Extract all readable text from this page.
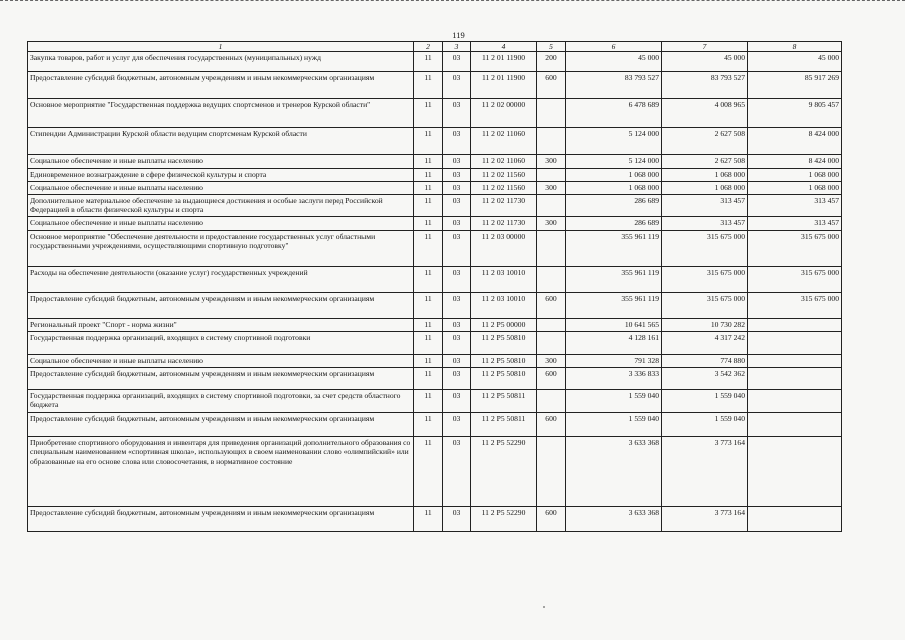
119
1	2	3	4	5	6	7	8
Закупка товаров, работ и услуг для обеспечения государственных (муниципальных) нужд	11	03	11 2 01 11900	200	45 000	45 000	45 000
Предоставление субсидий бюджетным, автономным учреждениям и иным некоммерческим организациям	11	03	11 2 01 11900	600	83 793 527	83 793 527	85 917 269
Основное мероприятие "Государственная поддержка ведущих спортсменов и тренеров Курской области"	11	03	11 2 02 00000		6 478 689	4 008 965	9 805 457
Стипендии Администрации Курской области ведущим спортсменам Курской области	11	03	11 2 02 11060		5 124 000	2 627 508	8 424 000
Социальное обеспечение и иные выплаты населению	11	03	11 2 02 11060	300	5 124 000	2 627 508	8 424 000
Единовременное вознаграждение в сфере физической культуры и спорта	11	03	11 2 02 11560		1 068 000	1 068 000	1 068 000
Социальное обеспечение и иные выплаты населению	11	03	11 2 02 11560	300	1 068 000	1 068 000	1 068 000
Дополнительное материальное обеспечение за выдающиеся достижения и особые заслуги перед Российской Федерацией в области физической культуры и спорта	11	03	11 2 02 11730		286 689	313 457	313 457
Социальное обеспечение и иные выплаты населению	11	03	11 2 02 11730	300	286 689	313 457	313 457
Основное мероприятие "Обеспечение деятельности и предоставление государственных услуг областными государственными учреждениями, осуществляющими спортивную подготовку"	11	03	11 2 03 00000		355 961 119	315 675 000	315 675 000
Расходы на обеспечение деятельности (оказание услуг) государственных учреждений	11	03	11 2 03 10010		355 961 119	315 675 000	315 675 000
Предоставление субсидий бюджетным, автономным учреждениям и иным некоммерческим организациям	11	03	11 2 03 10010	600	355 961 119	315 675 000	315 675 000
Региональный проект "Спорт - норма жизни"	11	03	11 2 P5 00000		10 641 565	10 730 282	
Государственная поддержка организаций, входящих в систему спортивной подготовки	11	03	11 2 P5 50810		4 128 161	4 317 242	
Социальное обеспечение и иные выплаты населению	11	03	11 2 P5 50810	300	791 328	774 880	
Предоставление субсидий бюджетным, автономным учреждениям и иным некоммерческим организациям	11	03	11 2 P5 50810	600	3 336 833	3 542 362	
Государственная поддержка организаций, входящих в систему спортивной подготовки, за счет средств областного бюджета	11	03	11 2 P5 50811		1 559 040	1 559 040	
Предоставление субсидий бюджетным, автономным учреждениям и иным некоммерческим организациям	11	03	11 2 P5 50811	600	1 559 040	1 559 040	
Приобретение спортивного оборудования и инвентаря для приведения организаций дополнительного образования со специальным наименованием «спортивная школа», использующих в своем наименовании слово «олимпийский» или образованные на его основе слова или словосочетания, в нормативное состояние	11	03	11 2 P5 52290		3 633 368	3 773 164	
Предоставление субсидий бюджетным, автономным учреждениям и иным некоммерческим организациям	11	03	11 2 P5 52290	600	3 633 368	3 773 164	
